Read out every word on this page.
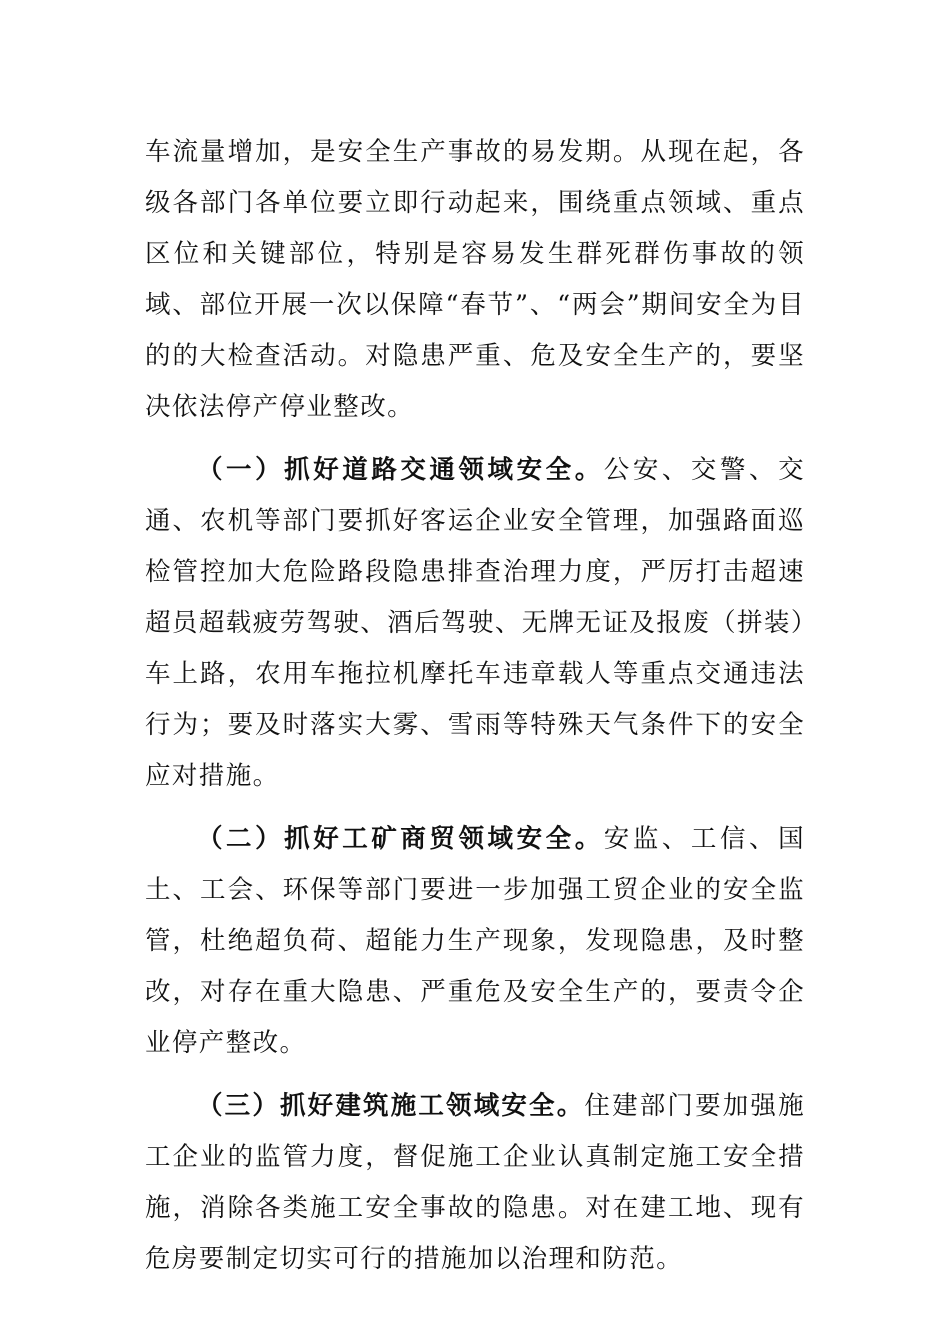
车流量增加，是安全生产事故的易发期。从现在起，各级各部门各单位要立即行动起来，围绕重点领域、重点区位和关键部位，特别是容易发生群死群伤事故的领域、部位开展一次以保障“春节”、“两会”期间安全为目的的大检查活动。对隐患严重、危及安全生产的，要坚决依法停产停业整改。

（一）抓好道路交通领域安全。公安、交警、交通、农机等部门要抓好客运企业安全管理，加强路面巡检管控加大危险路段隐患排查治理力度，严厉打击超速超员超载疲劳驾驶、酒后驾驶、无牌无证及报废（拼装）车上路，农用车拖拉机摩托车违章载人等重点交通违法行为；要及时落实大雾、雪雨等特殊天气条件下的安全应对措施。

（二）抓好工矿商贸领域安全。安监、工信、国土、工会、环保等部门要进一步加强工贸企业的安全监管，杜绝超负荷、超能力生产现象，发现隐患，及时整改，对存在重大隐患、严重危及安全生产的，要责令企业停产整改。

（三）抓好建筑施工领域安全。住建部门要加强施工企业的监管力度，督促施工企业认真制定施工安全措施，消除各类施工安全事故的隐患。对在建工地、现有危房要制定切实可行的措施加以治理和防范。
